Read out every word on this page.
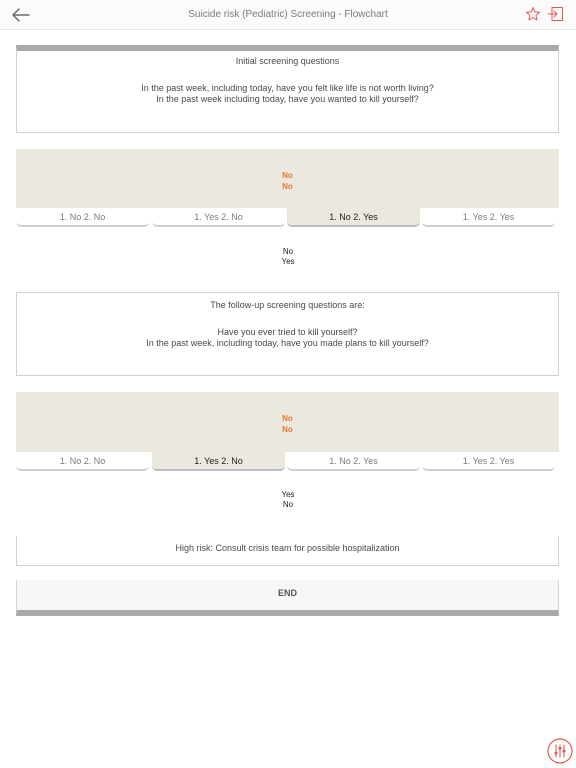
Suicide risk (Pediatric) Screening - Flowchart
Initial screening questions
In the past week, including today, have you felt like life is not worth living?
In the past week including today, have you wanted to kill yourself?
No
No
1. No 2. No	1. Yes 2. No	1. No 2. Yes	1. Yes 2. Yes
No
Yes
The follow-up screening questions are:
Have you ever tried to kill yourself?
In the past week, including today, have you made plans to kill yourself?
No
No
1. No 2. No	1. Yes 2. No	1. No 2. Yes	1. Yes 2. Yes
Yes
No
High risk: Consult crisis team for possible hospitalization
END
